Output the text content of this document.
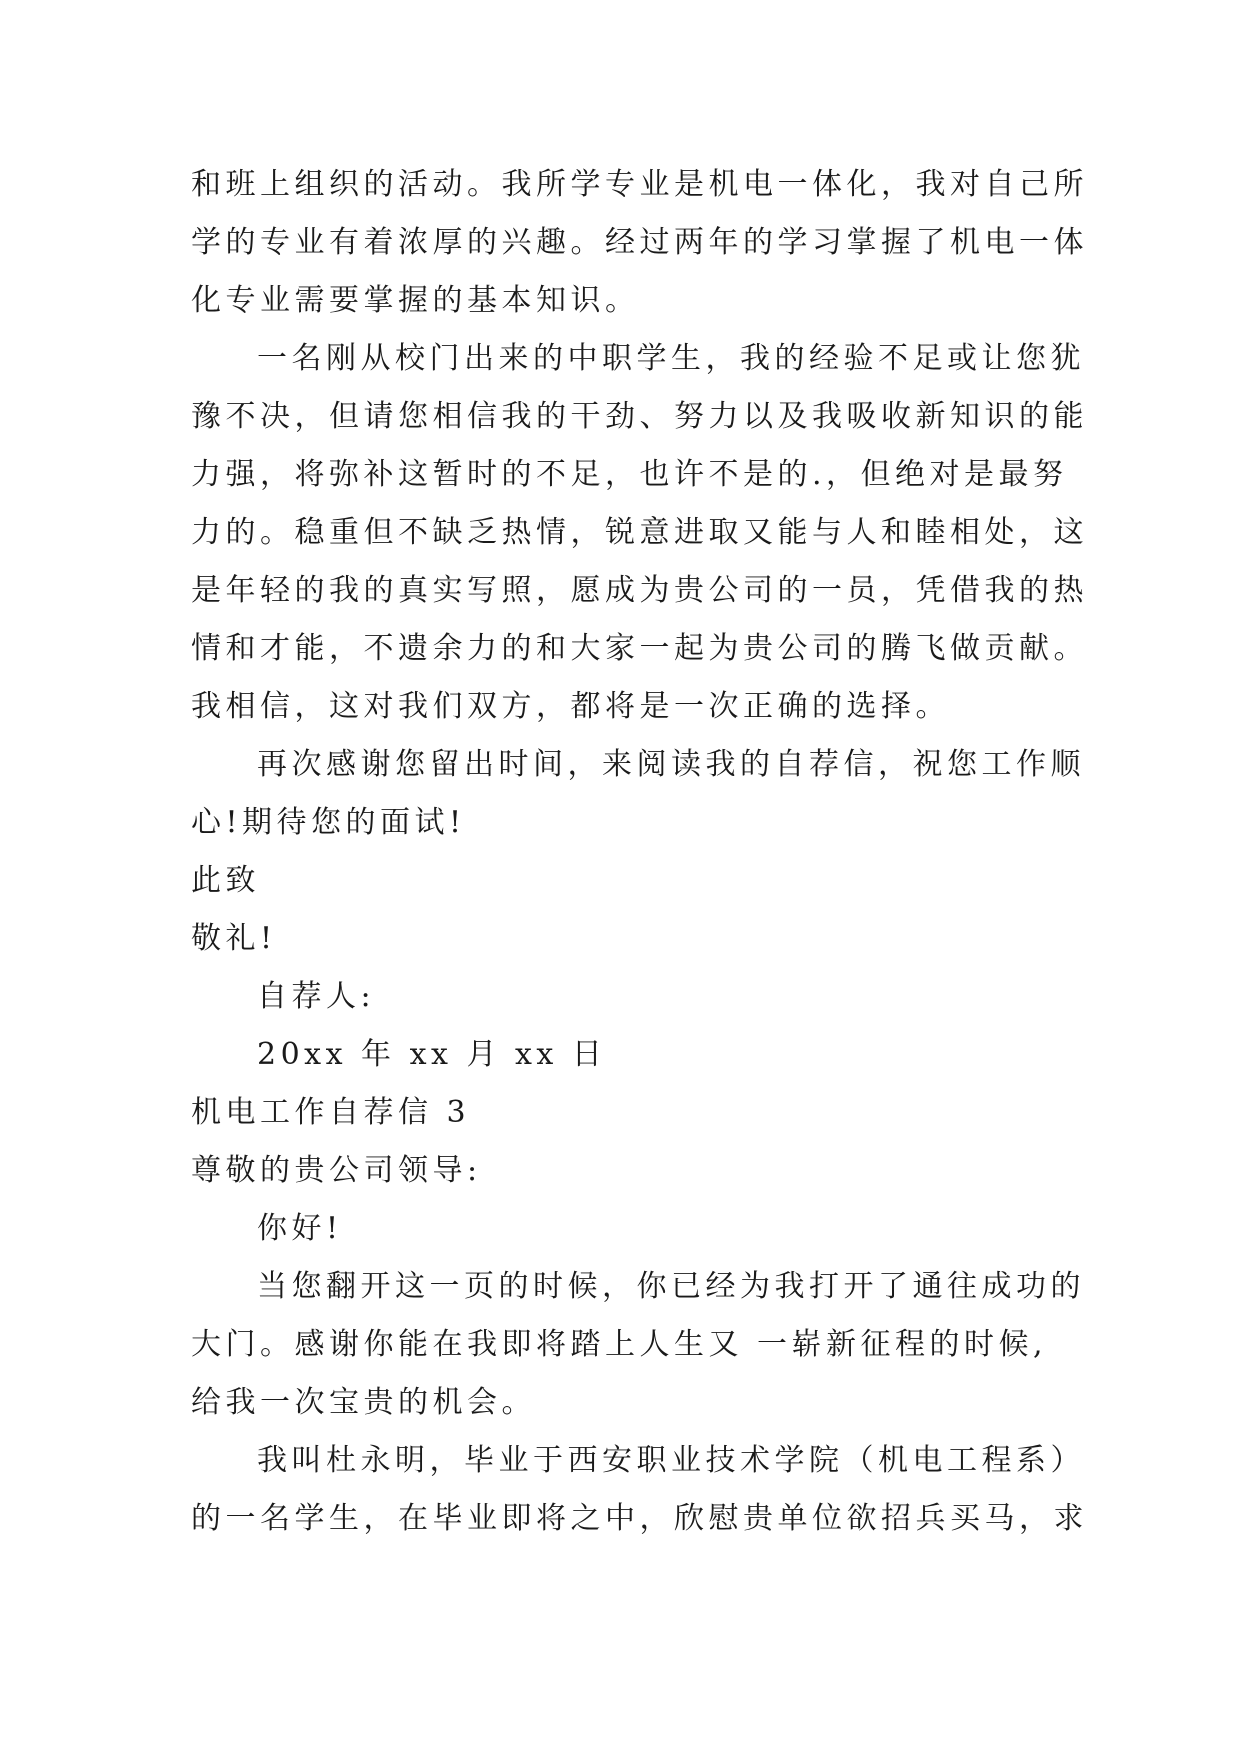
和班上组织的活动。我所学专业是机电一体化，我对自己所
学的专业有着浓厚的兴趣。经过两年的学习掌握了机电一体
化专业需要掌握的基本知识。
一名刚从校门出来的中职学生，我的经验不足或让您犹
豫不决，但请您相信我的干劲、努力以及我吸收新知识的能
力强，将弥补这暂时的不足，也许不是的.，但绝对是最努
力的。稳重但不缺乏热情，锐意进取又能与人和睦相处，这
是年轻的我的真实写照，愿成为贵公司的一员，凭借我的热
情和才能，不遗余力的和大家一起为贵公司的腾飞做贡献。
我相信，这对我们双方，都将是一次正确的选择。
再次感谢您留出时间，来阅读我的自荐信，祝您工作顺
心!期待您的面试!
此致
敬礼!
自荐人:
20xx 年 xx 月 xx 日
机电工作自荐信 3
尊敬的贵公司领导:
你好!
当您翻开这一页的时候，你已经为我打开了通往成功的
大门。感谢你能在我即将踏上人生又 一崭新征程的时候,
给我一次宝贵的机会。
我叫杜永明，毕业于西安职业技术学院（机电工程系）
的一名学生，在毕业即将之中，欣慰贵单位欲招兵买马，求
